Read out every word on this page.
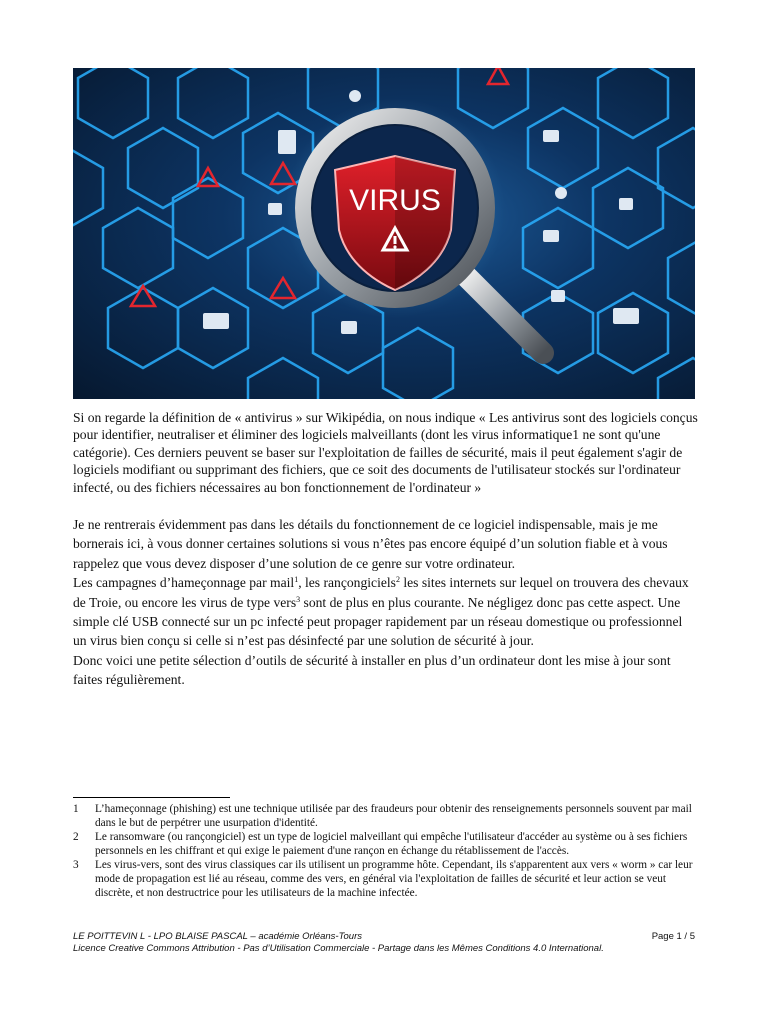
VIRUS

Si on regarde la définition de « antivirus » sur Wikipédia, on nous indique « Les antivirus sont des logiciels conçus pour identifier, neutraliser et éliminer des logiciels malveillants (dont les virus informatique1 ne sont qu'une catégorie). Ces derniers peuvent se baser sur l'exploitation de failles de sécurité, mais il peut également s'agir de logiciels modifiant ou supprimant des fichiers, que ce soit des documents de l'utilisateur stockés sur l'ordinateur infecté, ou des fichiers nécessaires au bon fonctionnement de l'ordinateur »

Je ne rentrerais évidemment pas dans les détails du fonctionnement de ce logiciel indispensable, mais je me bornerais ici, à vous donner certaines solutions si vous n’êtes pas encore équipé d’un solution fiable et à vous rappelez que vous devez disposer d’une solution de ce genre sur votre ordinateur.

Les campagnes d’hameçonnage par mail$^1$, les rançongiciels$^2$ les sites internets sur lequel on trouvera des chevaux de Troie, ou encore les virus de type vers$^3$ sont de plus en plus courante. Ne négligez donc pas cette aspect. Une simple clé USB connecté sur un pc infecté peut propager rapidement par un réseau domestique ou professionnel un virus bien conçu si celle si n’est pas désinfecté par une solution de sécurité à jour.

Donc voici une petite sélection d’outils de sécurité à installer en plus d’un ordinateur dont les mise à jour sont faites régulièrement.

1	L’hameçonnage (phishing) est une technique utilisée par des fraudeurs pour obtenir des renseignements personnels souvent par mail dans le but de perpétrer une usurpation d'identité.
2	Le ransomware (ou rançongiciel) est un type de logiciel malveillant qui empêche l'utilisateur d'accéder au système ou à ses fichiers personnels en les chiffrant et qui exige le paiement d'une rançon en échange du rétablissement de l'accès.
3	Les virus-vers, sont des virus classiques car ils utilisent un programme hôte. Cependant, ils s'apparentent aux vers « worm » car leur mode de propagation est lié au réseau, comme des vers, en général via l'exploitation de failles de sécurité et leur action se veut discrète, et non destructrice pour les utilisateurs de la machine infectée.
LE POITTEVIN L - LPO BLAISE PASCAL – académie Orléans-Tours	Page 1 / 5
Licence Creative Commons Attribution - Pas d’Utilisation Commerciale - Partage dans les Mêmes Conditions 4.0 International.
